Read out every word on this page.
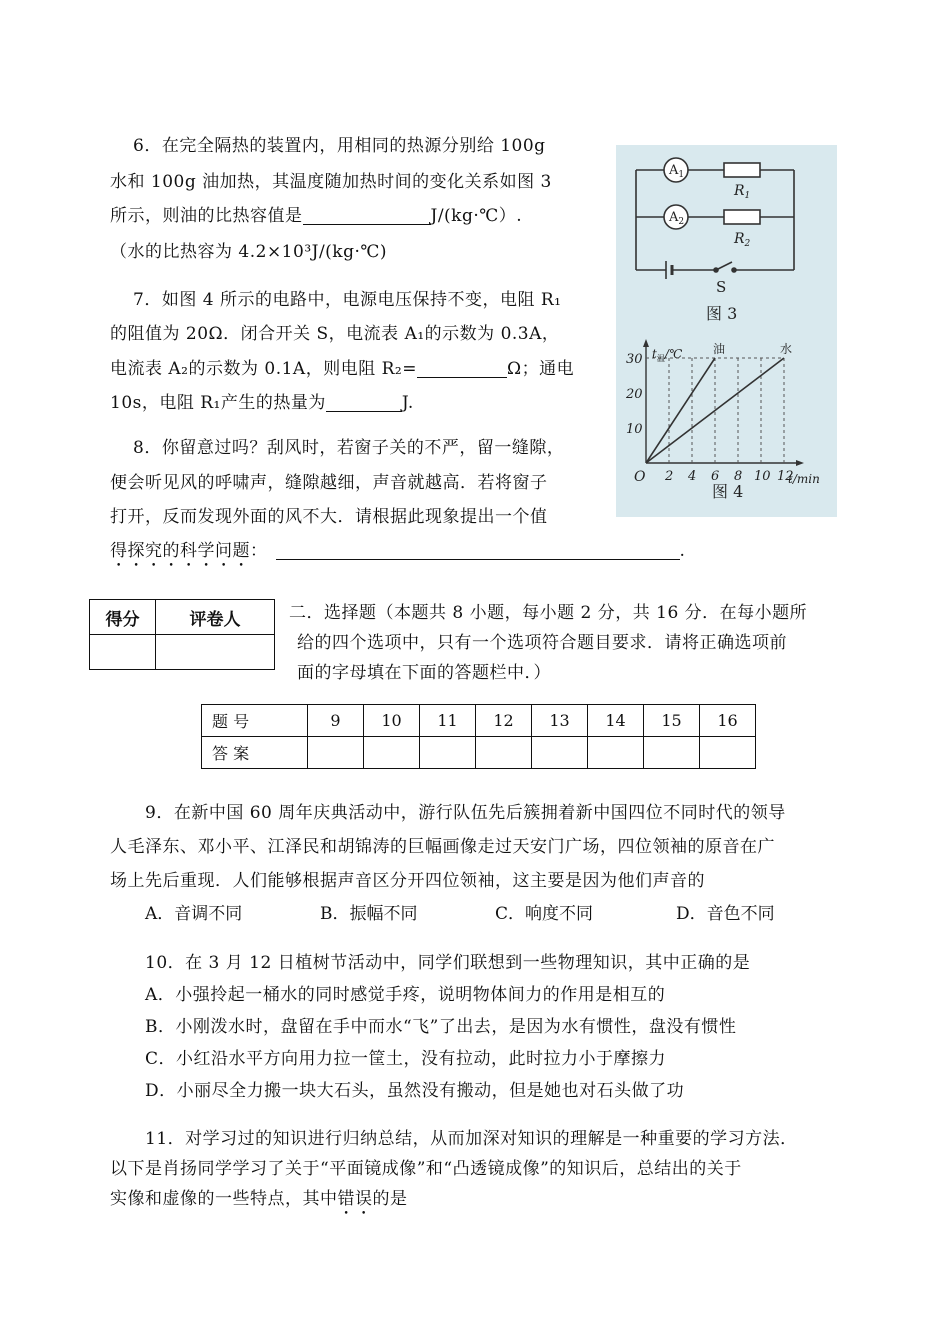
6．在完全隔热的装置内，用相同的热源分别给 100g
水和 100g 油加热，其温度随加热时间的变化关系如图 3
所示，则油的比热容值是	J/(kg·℃）.
（水的比热容为 4.2×10³J/(kg·℃)
7．如图 4 所示的电路中，电源电压保持不变，电阻 R₁
的阻值为 20Ω．闭合开关 S，电流表 A₁的示数为 0.3A，
电流表 A₂的示数为 0.1A，则电阻 R₂=	Ω；通电
10s，电阻 R₁产生的热量为	J.
8．你留意过吗？刮风时，若窗子关的不严，留一缝隙，
便会听见风的呼啸声，缝隙越细，声音就越高．若将窗子
打开，反而发现外面的风不大．请根据此现象提出一个值
得探究的科学问题：	.
$A_1$
$A_2$
$R_1$
$R_2$
S
图 3
油	水
10
20
30
2 4 6 8 10 12
$t_温/℃$
t/min
O
图 4
得分	评卷人
		二．选择题（本题共 8 小题，每小题 2 分，共 16 分．在每小题所
给的四个选项中，只有一个选项符合题目要求．请将正确选项前
面的字母填在下面的答题栏中．）
题 号	9	10	11	12	13	14	15	16
答 案								
9．在新中国 60 周年庆典活动中，游行队伍先后簇拥着新中国四位不同时代的领导
人毛泽东、邓小平、江泽民和胡锦涛的巨幅画像走过天安门广场，四位领袖的原音在广
场上先后重现．人们能够根据声音区分开四位领袖，这主要是因为他们声音的
A．音调不同	B．振幅不同	C．响度不同	D．音色不同
10．在 3 月 12 日植树节活动中，同学们联想到一些物理知识，其中正确的是
A．小强拎起一桶水的同时感觉手疼，说明物体间力的作用是相互的
B．小刚泼水时，盘留在手中而水“飞”了出去，是因为水有惯性，盘没有惯性
C．小红沿水平方向用力拉一筐土，没有拉动，此时拉力小于摩擦力
D．小丽尽全力搬一块大石头，虽然没有搬动，但是她也对石头做了功
11．对学习过的知识进行归纳总结，从而加深对知识的理解是一种重要的学习方法．
以下是肖扬同学学习了关于“平面镜成像”和“凸透镜成像”的知识后，总结出的关于
实像和虚像的一些特点，其中错误的是
